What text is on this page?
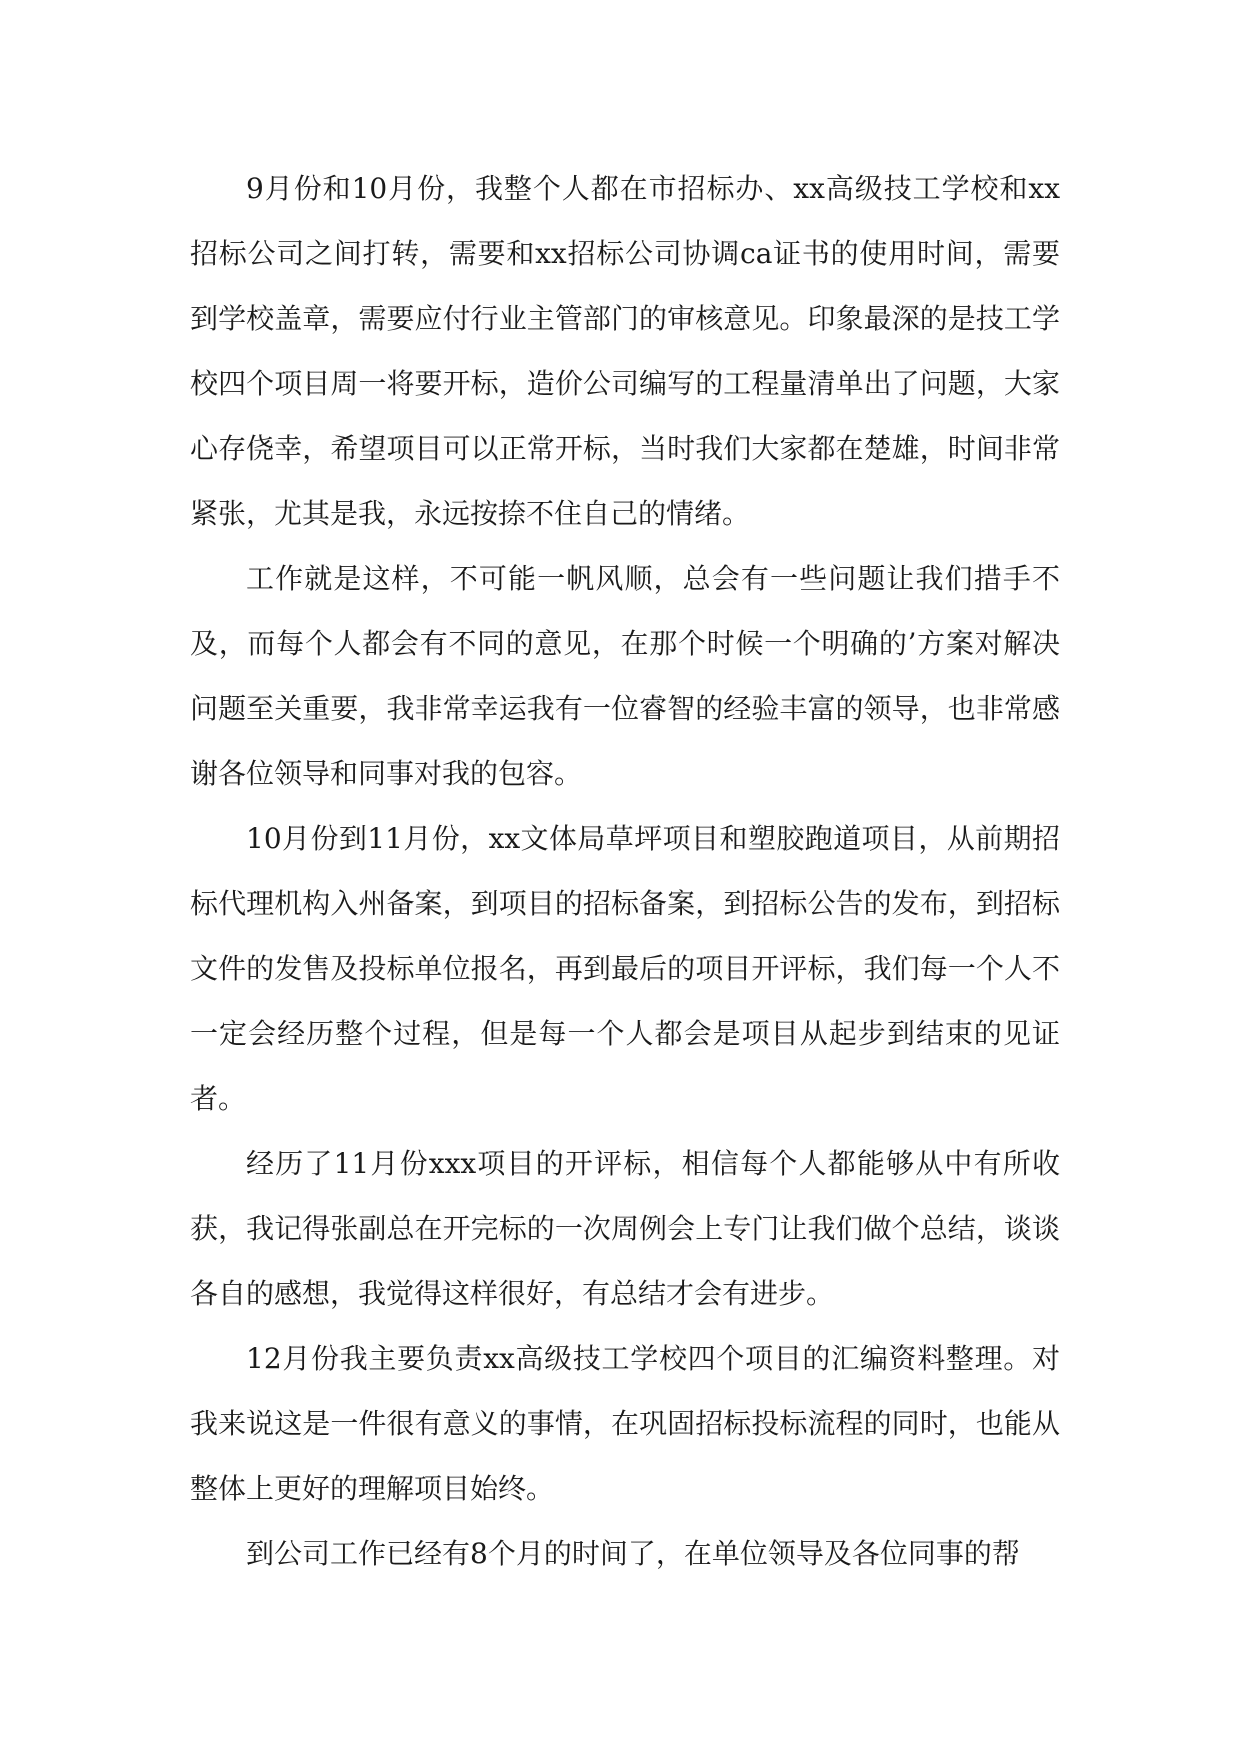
9月份和10月份，我整个人都在市招标办、xx高级技工学校和xx招标公司之间打转，需要和xx招标公司协调ca证书的使用时间，需要到学校盖章，需要应付行业主管部门的审核意见。印象最深的是技工学校四个项目周一将要开标，造价公司编写的工程量清单出了问题，大家心存侥幸，希望项目可以正常开标，当时我们大家都在楚雄，时间非常紧张，尤其是我，永远按捺不住自己的情绪。

工作就是这样，不可能一帆风顺，总会有一些问题让我们措手不及，而每个人都会有不同的意见，在那个时候一个明确的’方案对解决问题至关重要，我非常幸运我有一位睿智的经验丰富的领导，也非常感谢各位领导和同事对我的包容。

10月份到11月份，xx文体局草坪项目和塑胶跑道项目，从前期招标代理机构入州备案，到项目的招标备案，到招标公告的发布，到招标文件的发售及投标单位报名，再到最后的项目开评标，我们每一个人不一定会经历整个过程，但是每一个人都会是项目从起步到结束的见证者。

经历了11月份xxx项目的开评标，相信每个人都能够从中有所收获，我记得张副总在开完标的一次周例会上专门让我们做个总结，谈谈各自的感想，我觉得这样很好，有总结才会有进步。

12月份我主要负责xx高级技工学校四个项目的汇编资料整理。对我来说这是一件很有意义的事情，在巩固招标投标流程的同时，也能从整体上更好的理解项目始终。

到公司工作已经有8个月的时间了，在单位领导及各位同事的帮
